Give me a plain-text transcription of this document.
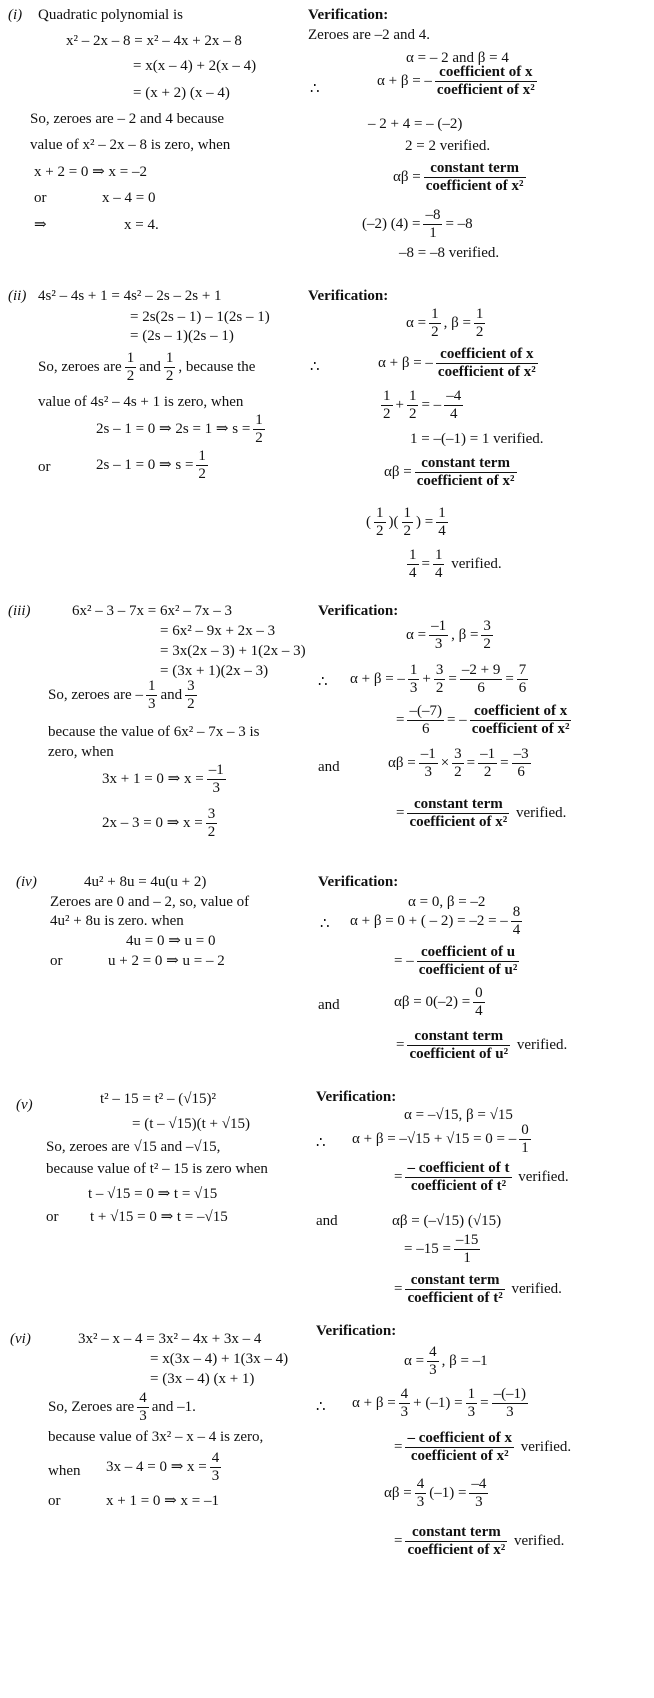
(i) Quadratic polynomial is
x² – 2x – 8 = x² – 4x + 2x – 8
= x(x – 4) + 2(x – 4)
= (x + 2) (x – 4)
So, zeroes are – 2 and 4 because
value of x² – 2x – 8 is zero, when
x + 2 = 0 ⇒ x = –2
or	x – 4 = 0
⇒	x = 4.
Verification:
Zeroes are –2 and 4.
α = – 2 and β = 4
∴
α + β = – $\frac{\text{coefficient of x}}{\text{coefficient of x²}}$
– 2 + 4 = – (–2)
2 = 2 verified.
$\alpha\beta = \frac{\text{constant term}}{\text{coefficient of x²}}$
(–2) $(4) = \frac{-8}{1} = -8$
–8 = –8 verified.
(ii) 4s² – 4s + 1 = 4s² – 2s – 2s + 1
= 2s(2s – 1) – 1(2s – 1)
= (2s – 1)(2s – 1)
So, zeroes are $\frac{1}{2}$ and $\frac{1}{2}$ , because the
value of 4s² – 4s + 1 is zero, when
2s – 1 = 0 ⇒ 2s = 1 ⇒ $s = \frac{1}{2}$
or	2s – 1 = 0 ⇒ $s = \frac{1}{2}$
Verification:
$\alpha = \frac{1}{2}$ , $\beta = \frac{1}{2}$
∴	α + β = – $\frac{\text{coefficient of x}}{\text{coefficient of x²}}$
$\frac{1}{2} + \frac{1}{2}$ = – $\frac{-4}{4}$
1 = –(–1) = 1 verified.
$\alpha\beta = \frac{\text{constant term}}{\text{coefficient of x²}}$
( $\frac{1}{2}$ )( $\frac{1}{2}$ ) = $\frac{1}{4}$
$\frac{1}{4} = \frac{1}{4}$ verified.
(iii)	6x² – 3 – 7x = 6x² – 7x – 3
= 6x² – 9x + 2x – 3
= 3x(2x – 3) + 1(2x – 3)
= (3x + 1)(2x – 3)
So, zeroes are – $\frac{1}{3}$ and $\frac{3}{2}$
because the value of 6x² – 7x – 3 is
zero, when
3x + 1 = 0 ⇒ $x = \frac{-1}{3}$
2x – 3 = 0 ⇒ $x = \frac{3}{2}$
Verification:
$\alpha = \frac{-1}{3}$ , $\beta = \frac{3}{2}$
∴ α + β = – $\frac{1}{3} + \frac{3}{2} = \frac{-2 + 9}{6} = \frac{7}{6}$
= $\frac{-(-7)}{6}$ = – $\frac{\text{coefficient of x}}{\text{coefficient of x²}}$
and	$\alpha\beta = \frac{-1}{3} \times \frac{3}{2} = \frac{-1}{2} = \frac{-3}{6}$
= $\frac{\text{constant term}}{\text{coefficient of x²}}$ verified.
(iv)	4u² + 8u = 4u(u + 2)
Zeroes are 0 and – 2, so, value of
4u² + 8u is zero. when
4u = 0 ⇒ u = 0
or	u + 2 = 0 ⇒ u = – 2
Verification:
α = 0, β = –2
∴ α + β = 0 + ( – 2) = –2 = – $\frac{8}{4}$
= – $\frac{\text{coefficient of u}}{\text{coefficient of u²}}$
and	$\alpha\beta = 0(-2) = \frac{0}{4}$
= $\frac{\text{constant term}}{\text{coefficient of u²}}$ verified.
(v)	t² – 15 = t² – (√15)²
= (t – √15)(t + √15)
So, zeroes are √15 and –√15,
because value of t² – 15 is zero when
t – √15 = 0 ⇒ t = √15
or t + √15 = 0 ⇒ t = –√15
Verification:
α = –√15, β = √15
∴ α + β = –√15 + √15 = 0 = – $\frac{0}{1}$
= $\frac{\text{– coefficient of t}}{\text{coefficient of t²}}$ verified.
and	αβ = (–√15) (√15)
= $-15 = \frac{-15}{1}$
= $\frac{\text{constant term}}{\text{coefficient of t²}}$ verified.
(vi)	3x² – x – 4 = 3x² – 4x + 3x – 4
= x(3x – 4) + 1(3x – 4)
= (3x – 4) (x + 1)
So, Zeroes are $\frac{4}{3}$ and –1.
because value of 3x² – x – 4 is zero,
when 3x – 4 = 0 ⇒ $x = \frac{4}{3}$
or	x + 1 = 0 ⇒ x = –1
Verification:
$\alpha = \frac{4}{3}$ , β = –1
∴ $\alpha + \beta = \frac{4}{3} + (-1) = \frac{1}{3} = \frac{-(-1)}{3}$
= $\frac{\text{– coefficient of x}}{\text{coefficient of x²}}$ verified.
$\alpha\beta = \frac{4}{3} (-1) = \frac{-4}{3}$
= $\frac{\text{constant term}}{\text{coefficient of x²}}$ verified.
